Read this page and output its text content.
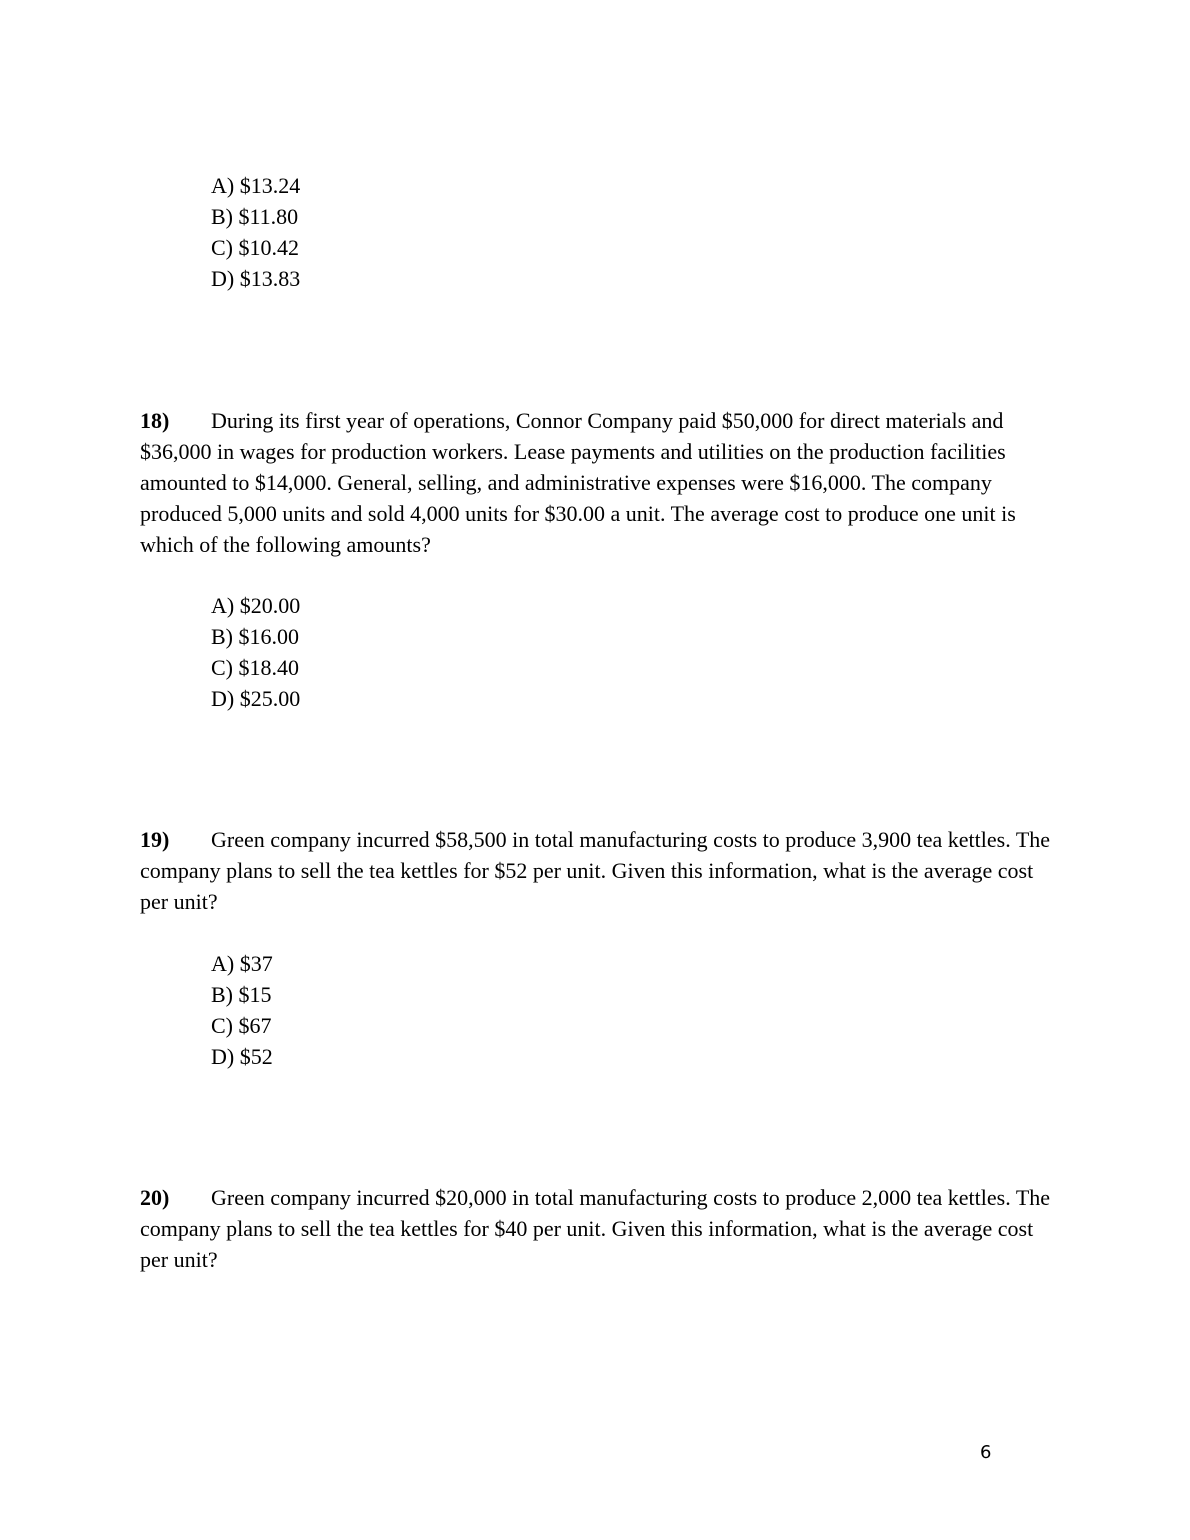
A) $13.24
B) $11.80
C) $10.42
D) $13.83
18) During its first year of operations, Connor Company paid $50,000 for direct materials and $36,000 in wages for production workers. Lease payments and utilities on the production facilities amounted to $14,000. General, selling, and administrative expenses were $16,000. The company produced 5,000 units and sold 4,000 units for $30.00 a unit. The average cost to produce one unit is which of the following amounts?
A) $20.00
B) $16.00
C) $18.40
D) $25.00
19) Green company incurred $58,500 in total manufacturing costs to produce 3,900 tea kettles. The company plans to sell the tea kettles for $52 per unit. Given this information, what is the average cost per unit?
A) $37
B) $15
C) $67
D) $52
20) Green company incurred $20,000 in total manufacturing costs to produce 2,000 tea kettles. The company plans to sell the tea kettles for $40 per unit. Given this information, what is the average cost per unit?
6
